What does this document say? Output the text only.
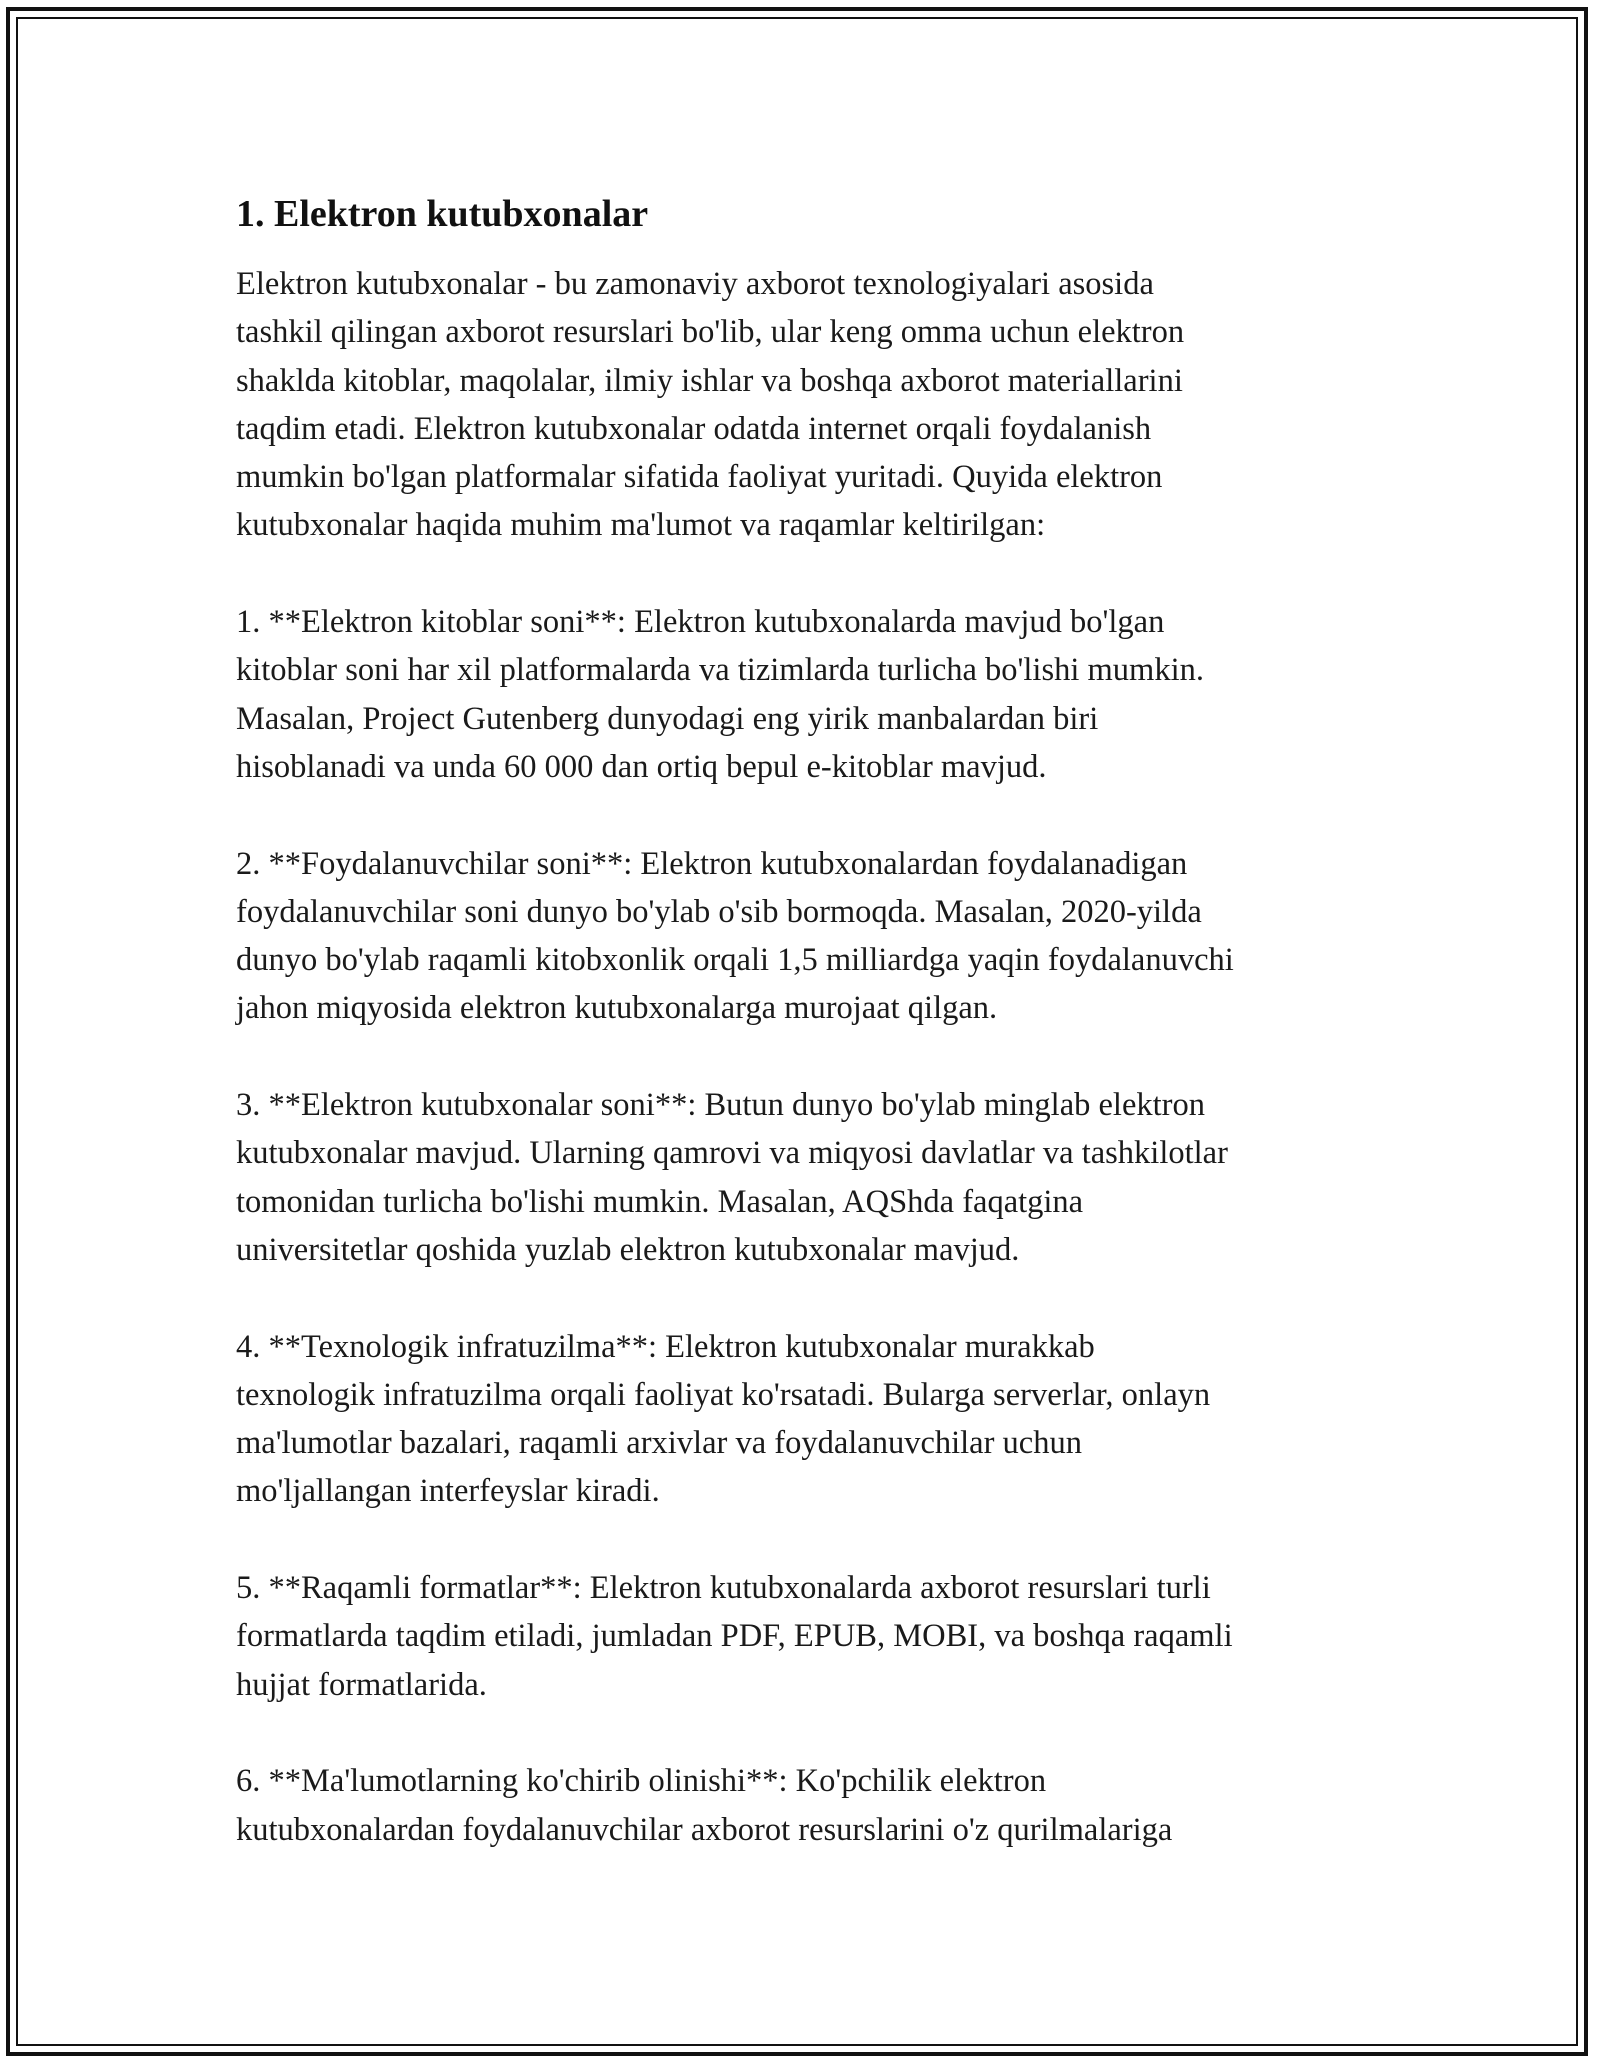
1. Elektron kutubxonalar
Elektron kutubxonalar - bu zamonaviy axborot texnologiyalari asosida
tashkil qilingan axborot resurslari bo'lib, ular keng omma uchun elektron
shaklda kitoblar, maqolalar, ilmiy ishlar va boshqa axborot materiallarini
taqdim etadi. Elektron kutubxonalar odatda internet orqali foydalanish
mumkin bo'lgan platformalar sifatida faoliyat yuritadi. Quyida elektron
kutubxonalar haqida muhim ma'lumot va raqamlar keltirilgan:
1. **Elektron kitoblar soni**: Elektron kutubxonalarda mavjud bo'lgan
kitoblar soni har xil platformalarda va tizimlarda turlicha bo'lishi mumkin.
Masalan, Project Gutenberg dunyodagi eng yirik manbalardan biri
hisoblanadi va unda 60 000 dan ortiq bepul e-kitoblar mavjud.
2. **Foydalanuvchilar soni**: Elektron kutubxonalardan foydalanadigan
foydalanuvchilar soni dunyo bo'ylab o'sib bormoqda. Masalan, 2020-yilda
dunyo bo'ylab raqamli kitobxonlik orqali 1,5 milliardga yaqin foydalanuvchi
jahon miqyosida elektron kutubxonalarga murojaat qilgan.
3. **Elektron kutubxonalar soni**: Butun dunyo bo'ylab minglab elektron
kutubxonalar mavjud. Ularning qamrovi va miqyosi davlatlar va tashkilotlar
tomonidan turlicha bo'lishi mumkin. Masalan, AQShda faqatgina
universitetlar qoshida yuzlab elektron kutubxonalar mavjud.
4. **Texnologik infratuzilma**: Elektron kutubxonalar murakkab
texnologik infratuzilma orqali faoliyat ko'rsatadi. Bularga serverlar, onlayn
ma'lumotlar bazalari, raqamli arxivlar va foydalanuvchilar uchun
mo'ljallangan interfeyslar kiradi.
5. **Raqamli formatlar**: Elektron kutubxonalarda axborot resurslari turli
formatlarda taqdim etiladi, jumladan PDF, EPUB, MOBI, va boshqa raqamli
hujjat formatlarida.
6. **Ma'lumotlarning ko'chirib olinishi**: Ko'pchilik elektron
kutubxonalardan foydalanuvchilar axborot resurslarini o'z qurilmalariga
